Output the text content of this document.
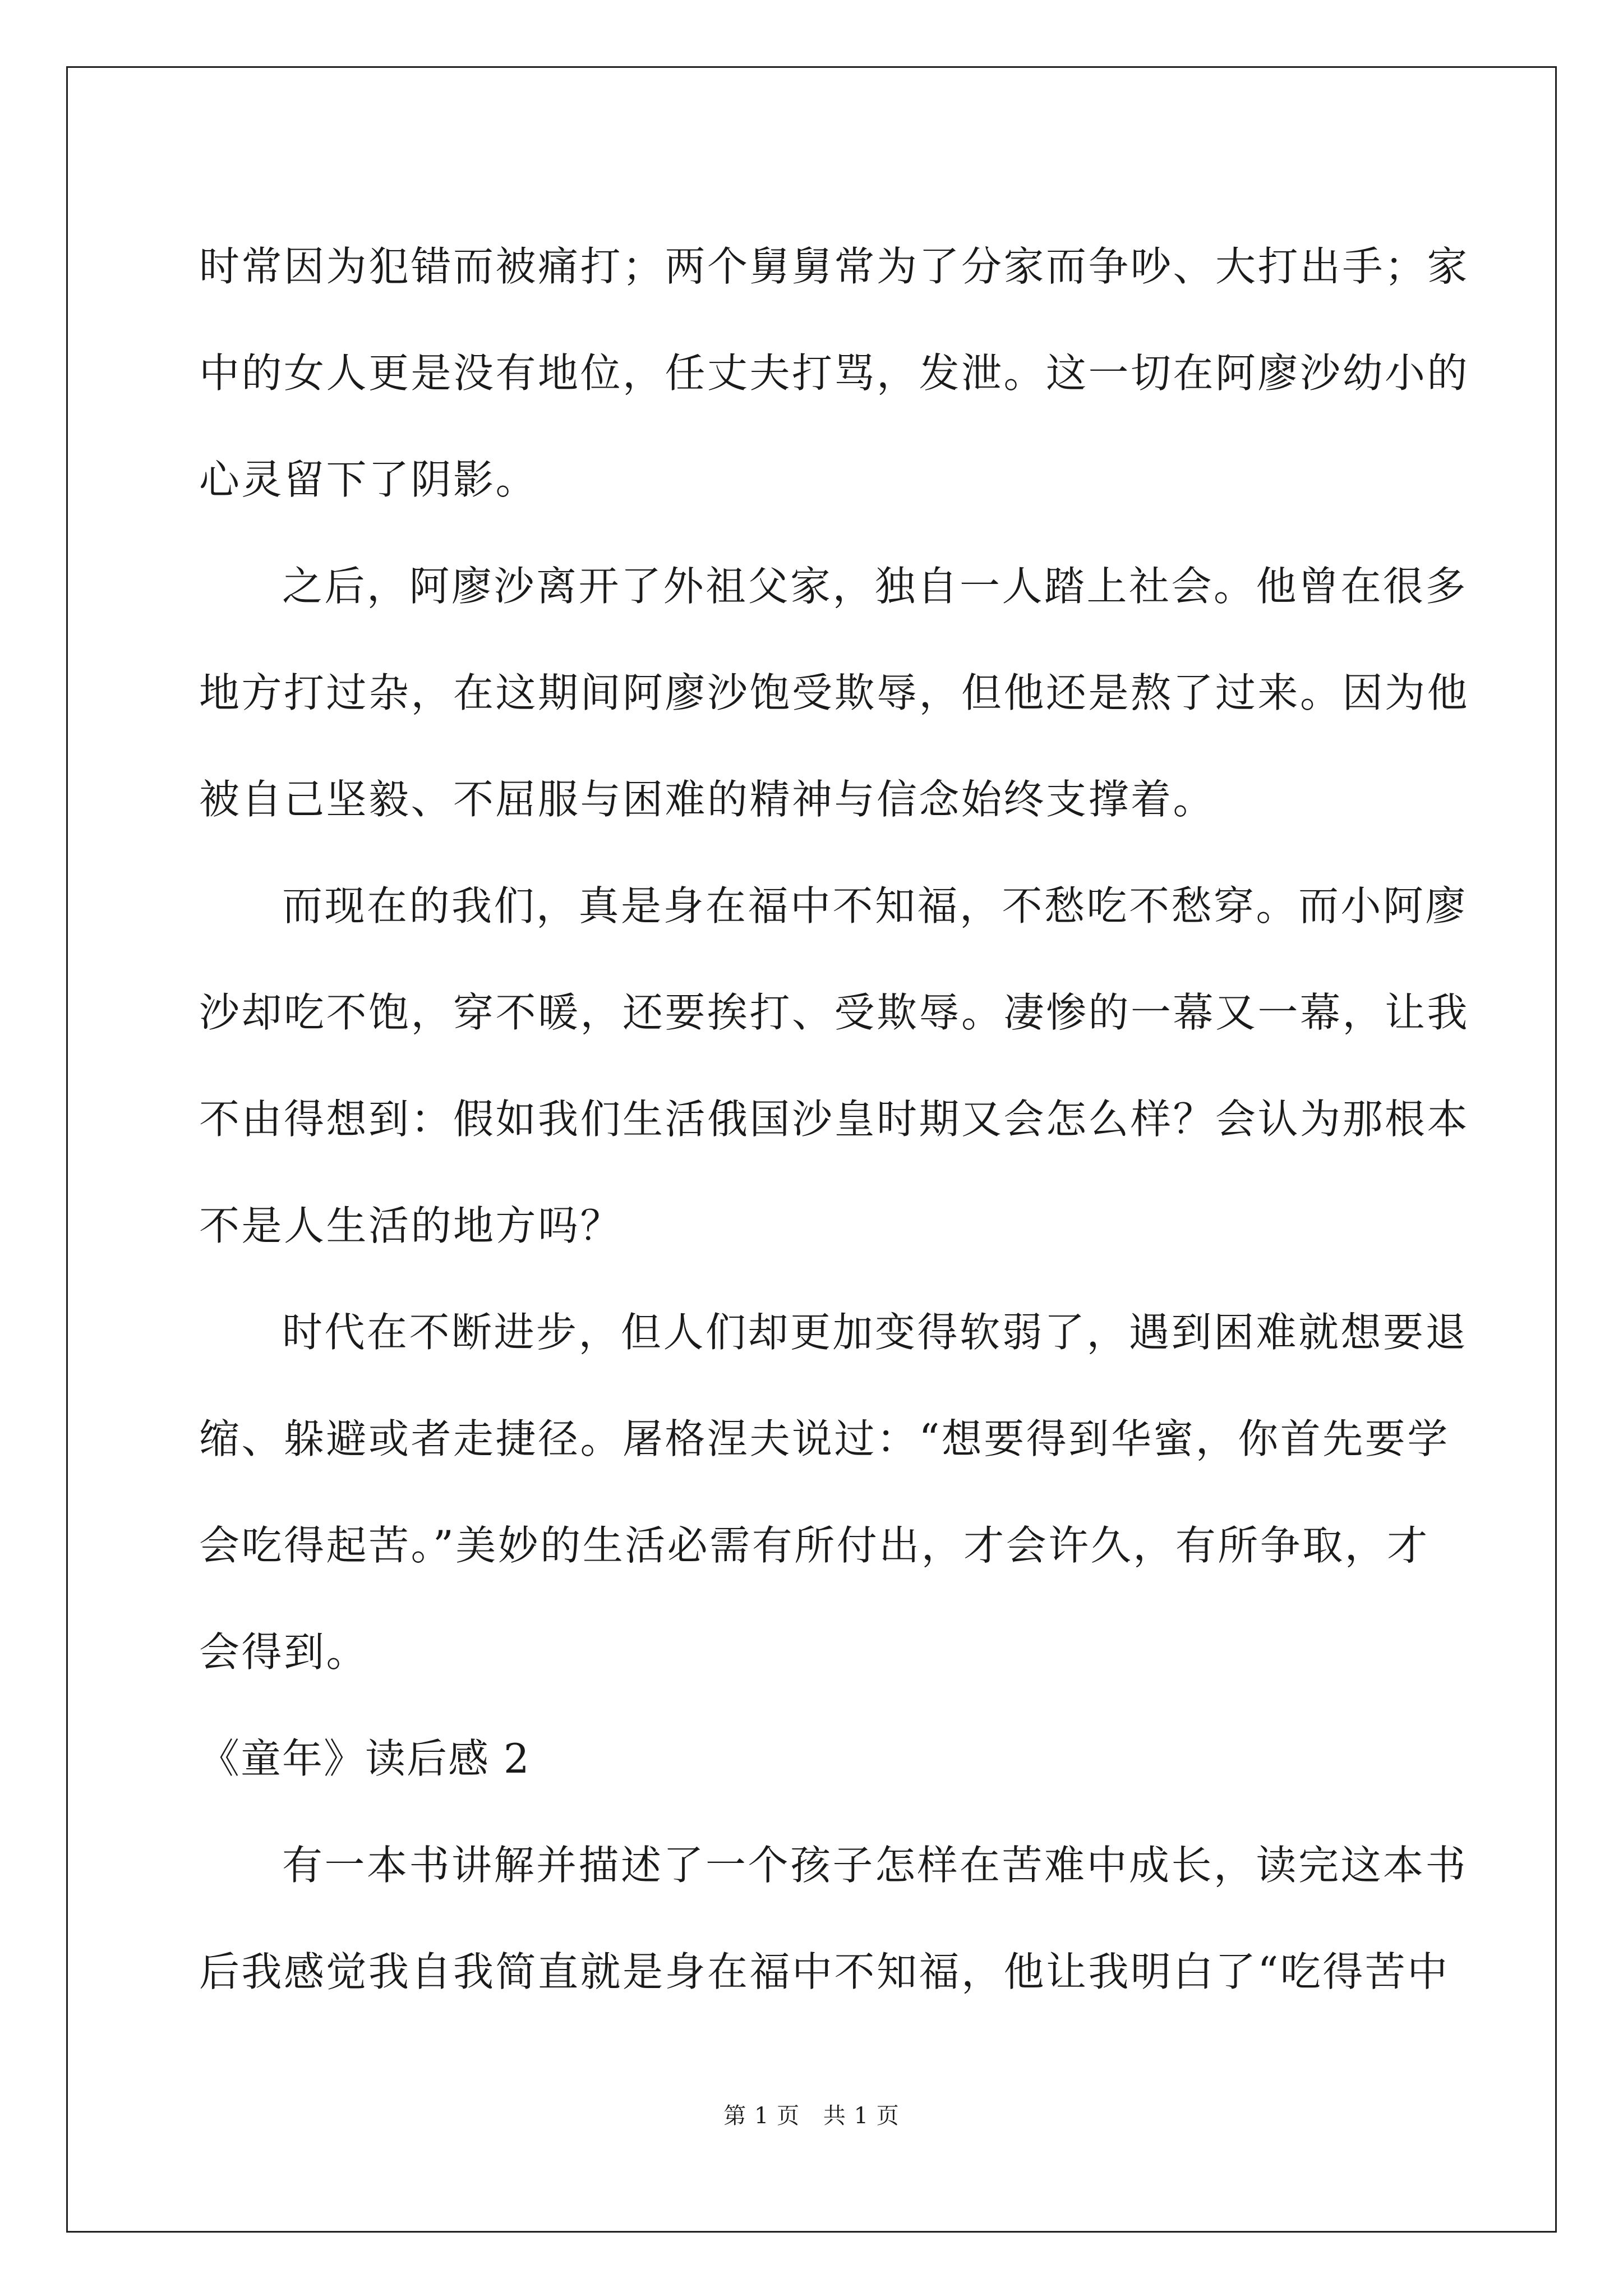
时常因为犯错而被痛打；两个舅舅常为了分家而争吵、大打出手；家
中的女人更是没有地位，任丈夫打骂，发泄。这一切在阿廖沙幼小的
心灵留下了阴影。
之后，阿廖沙离开了外祖父家，独自一人踏上社会。他曾在很多
地方打过杂，在这期间阿廖沙饱受欺辱，但他还是熬了过来。因为他
被自己坚毅、不屈服与困难的精神与信念始终支撑着。
而现在的我们，真是身在福中不知福，不愁吃不愁穿。而小阿廖
沙却吃不饱，穿不暖，还要挨打、受欺辱。凄惨的一幕又一幕，让我
不由得想到：假如我们生活俄国沙皇时期又会怎么样？会认为那根本
不是人生活的地方吗？
时代在不断进步，但人们却更加变得软弱了，遇到困难就想要退
缩、躲避或者走捷径。屠格涅夫说过：“想要得到华蜜，你首先要学
会吃得起苦。”美妙的生活必需有所付出，才会许久，有所争取，才
会得到。
《童年》读后感 2
有一本书讲解并描述了一个孩子怎样在苦难中成长，读完这本书
后我感觉我自我简直就是身在福中不知福，他让我明白了“吃得苦中
第 1 页 共 1 页
